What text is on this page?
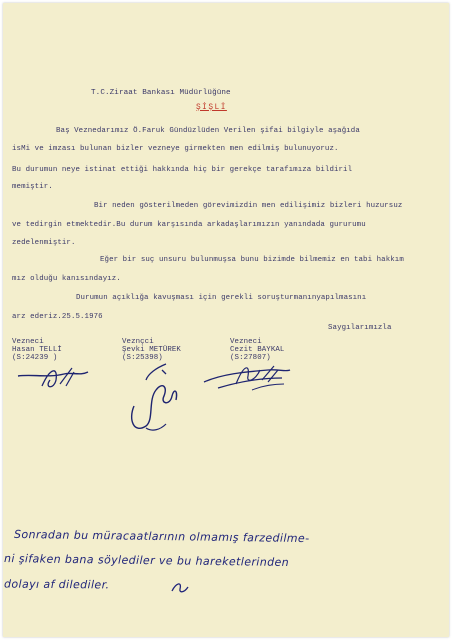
T.C.Ziraat Bankası Müdürlüğüne
ŞİŞLİ
Baş Veznedarımız Ö.Faruk Gündüzlüden Verilen şifai bilgiyle aşağıda
isMi ve imzası bulunan bizler vezneye girmekten men edilmiş bulunuyoruz.
Bu durumun neye istinat ettiği hakkında hiç bir gerekçe tarafımıza bildiril
memiştir.
Bir neden gösterilmeden görevimizdin men edilişimiz bizleri huzursuz
ve tedirgin etmektedir.Bu durum karşısında arkadaşlarımızın yanındada gururumu
zedelenmiştir.
Eğer bir suç unsuru bulunmuşsa bunu bizimde bilmemiz en tabi hakkım
mız olduğu kanısındayız.
Durumun açıklığa kavuşması için gerekli soruşturmanınyapılmasını
arz ederiz.25.5.1976
Saygılarımızla
Vezneci
Hasan TELLİ
(S:24239 )
Veznçci
Şevki METÜREK
(S:25398)
Vezneci
Cezit BAYKAL
(S:27807)
Sonradan bu müracaatlarının olmamış farzedilme-
ni şifaken bana söylediler ve bu hareketlerinden
dolayı af dilediler.
